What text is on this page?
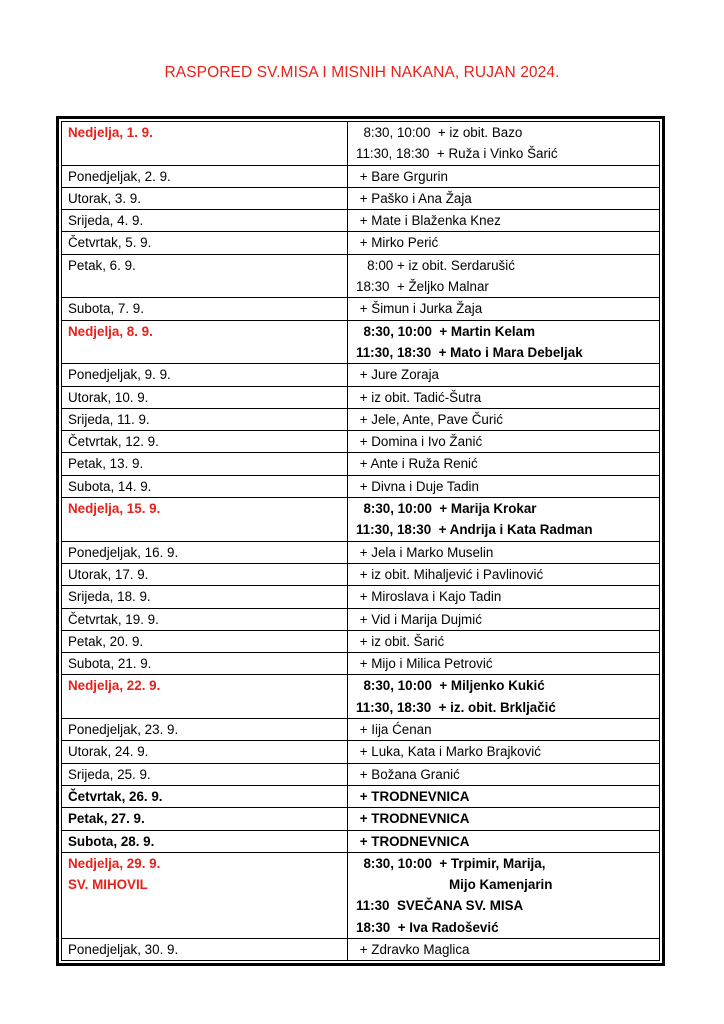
RASPORED SV.MISA I MISNIH NAKANA, RUJAN 2024.
Nedjelja, 1. 9.	8:30, 10:00  + iz obit. Bazo
11:30, 18:30  + Ruža i Vinko Šarić

Ponedjeljak, 2. 9.	+ Bare Grgurin

Utorak, 3. 9.	+ Paško i Ana Žaja

Srijeda, 4. 9.	+ Mate i Blaženka Knez

Četvrtak, 5. 9.	+ Mirko Perić

Petak, 6. 9.	8:00 + iz obit. Serdarušić
18:30  + Željko Malnar

Subota, 7. 9.	+ Šimun i Jurka Žaja

Nedjelja, 8. 9.	8:30, 10:00  + Martin Kelam
11:30, 18:30  + Mato i Mara Debeljak

Ponedjeljak, 9. 9.	+ Jure Zoraja

Utorak, 10. 9.	+ iz obit. Tadić-Šutra

Srijeda, 11. 9.	+ Jele, Ante, Pave Čurić

Četvrtak, 12. 9.	+ Domina i Ivo Žanić

Petak, 13. 9.	+ Ante i Ruža Renić

Subota, 14. 9.	+ Divna i Duje Tadin

Nedjelja, 15. 9.	8:30, 10:00  + Marija Krokar
11:30, 18:30  + Andrija i Kata Radman

Ponedjeljak, 16. 9.	+ Jela i Marko Muselin

Utorak, 17. 9.	+ iz obit. Mihaljević i Pavlinović

Srijeda, 18. 9.	+ Miroslava i Kajo Tadin

Četvrtak, 19. 9.	+ Vid i Marija Dujmić

Petak, 20. 9.	+ iz obit. Šarić

Subota, 21. 9.	+ Mijo i Milica Petrović

Nedjelja, 22. 9.	8:30, 10:00  + Miljenko Kukić
11:30, 18:30  + iz. obit. Brkljačić

Ponedjeljak, 23. 9.	+ Iija Ćenan

Utorak, 24. 9.	+ Luka, Kata i Marko Brajković

Srijeda, 25. 9.	+ Božana Granić

Četvrtak, 26. 9.	+ TRODNEVNICA

Petak, 27. 9.	+ TRODNEVNICA

Subota, 28. 9.	+ TRODNEVNICA

Nedjelja, 29. 9.
SV. MIHOVIL	8:30, 10:00  + Trpimir, Marija,
Mijo Kamenjarin
11:30  SVEČANA SV. MISA
18:30  + Iva Radošević

Ponedjeljak, 30. 9.	+ Zdravko Maglica
